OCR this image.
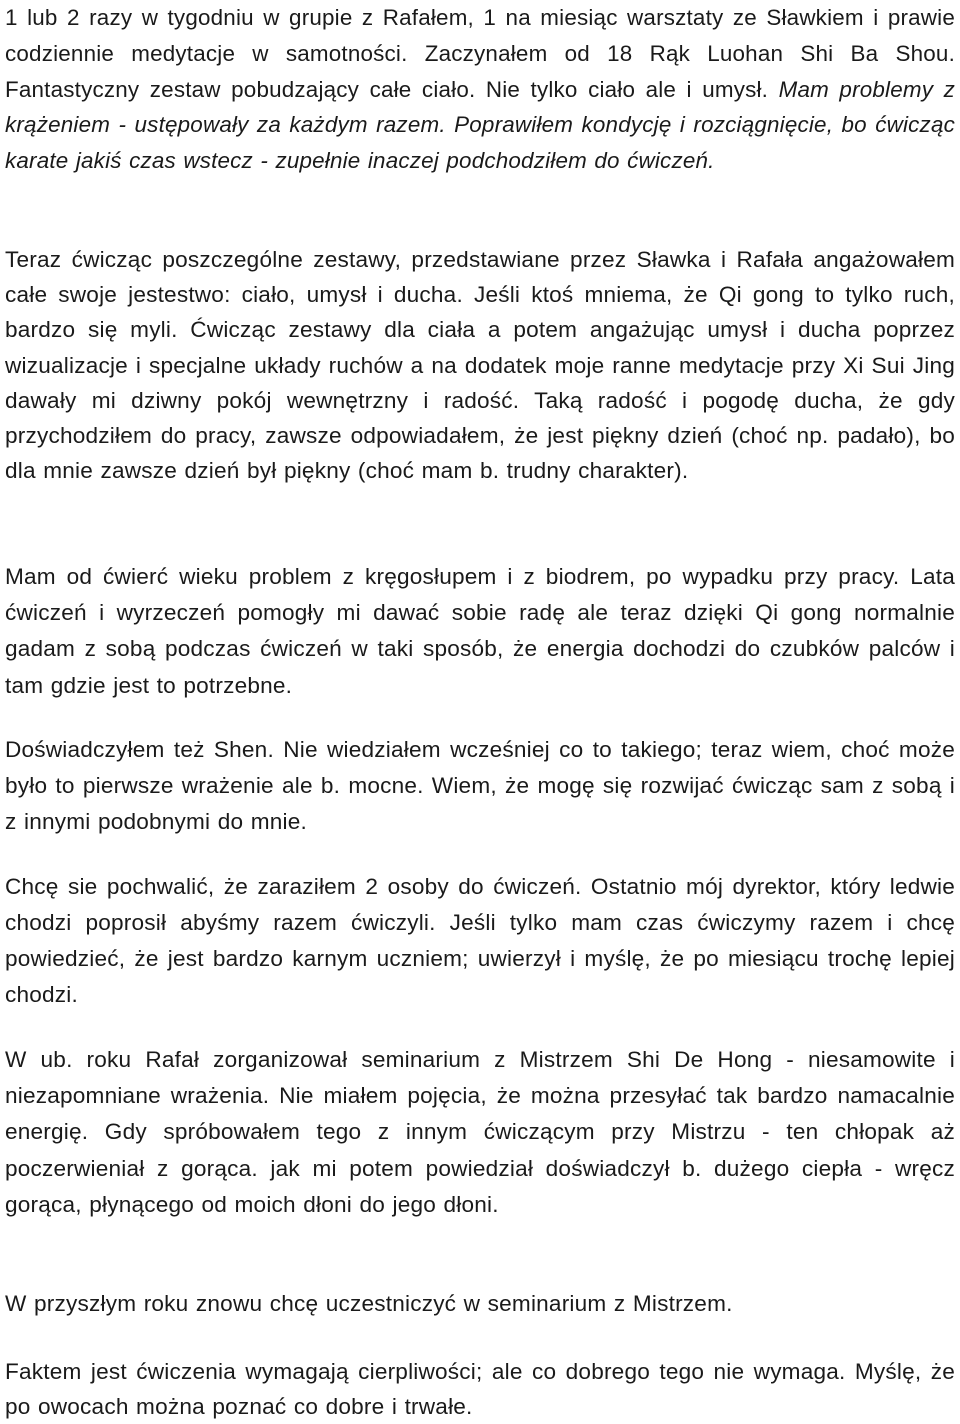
1 lub 2 razy w tygodniu w grupie z Rafałem, 1 na miesiąc warsztaty ze Sławkiem i prawie codziennie medytacje w samotności. Zaczynałem od 18 Rąk Luohan Shi Ba Shou. Fantastyczny zestaw pobudzający całe ciało. Nie tylko ciało ale i umysł. Mam problemy z krążeniem - ustępowały za każdym razem. Poprawiłem kondycję i rozciągnięcie, bo ćwicząc karate jakiś czas wstecz - zupełnie inaczej podchodziłem do ćwiczeń.

Teraz ćwicząc poszczególne zestawy, przedstawiane przez Sławka i Rafała angażowałem całe swoje jestestwo: ciało, umysł i ducha. Jeśli ktoś mniema, że Qi gong to tylko ruch, bardzo się myli. Ćwicząc zestawy dla ciała a potem angażując umysł i ducha poprzez wizualizacje i specjalne układy ruchów a na dodatek moje ranne medytacje przy Xi Sui Jing dawały mi dziwny pokój wewnętrzny i radość. Taką radość i pogodę ducha, że gdy przychodziłem do pracy, zawsze odpowiadałem, że jest piękny dzień (choć np. padało), bo dla mnie zawsze dzień był piękny (choć mam b. trudny charakter).

Mam od ćwierć wieku problem z kręgosłupem i z biodrem, po wypadku przy pracy. Lata ćwiczeń i wyrzeczeń pomogły mi dawać sobie radę ale teraz dzięki Qi gong normalnie gadam z sobą podczas ćwiczeń w taki sposób, że energia dochodzi do czubków palców i tam gdzie jest to potrzebne.

Doświadczyłem też Shen. Nie wiedziałem wcześniej co to takiego; teraz wiem, choć może było to pierwsze wrażenie ale b. mocne. Wiem, że mogę się rozwijać ćwicząc sam z sobą i z innymi podobnymi do mnie.

Chcę sie pochwalić, że zaraziłem 2 osoby do ćwiczeń. Ostatnio mój dyrektor, który ledwie chodzi poprosił abyśmy razem ćwiczyli. Jeśli tylko mam czas ćwiczymy razem i chcę powiedzieć, że jest bardzo karnym uczniem; uwierzył i myślę, że po miesiącu trochę lepiej chodzi.

W ub. roku Rafał zorganizował seminarium z Mistrzem Shi De Hong - niesamowite i niezapomniane wrażenia. Nie miałem pojęcia, że można przesyłać tak bardzo namacalnie energię. Gdy spróbowałem tego z innym ćwiczącym przy Mistrzu - ten chłopak aż poczerwieniał z gorąca. jak mi potem powiedział doświadczył b. dużego ciepła - wręcz gorąca, płynącego od moich dłoni do jego dłoni.

W przyszłym roku znowu chcę uczestniczyć w seminarium z Mistrzem.

Faktem jest ćwiczenia wymagają cierpliwości; ale co dobrego tego nie wymaga. Myślę, że po owocach można poznać co dobre i trwałe.
